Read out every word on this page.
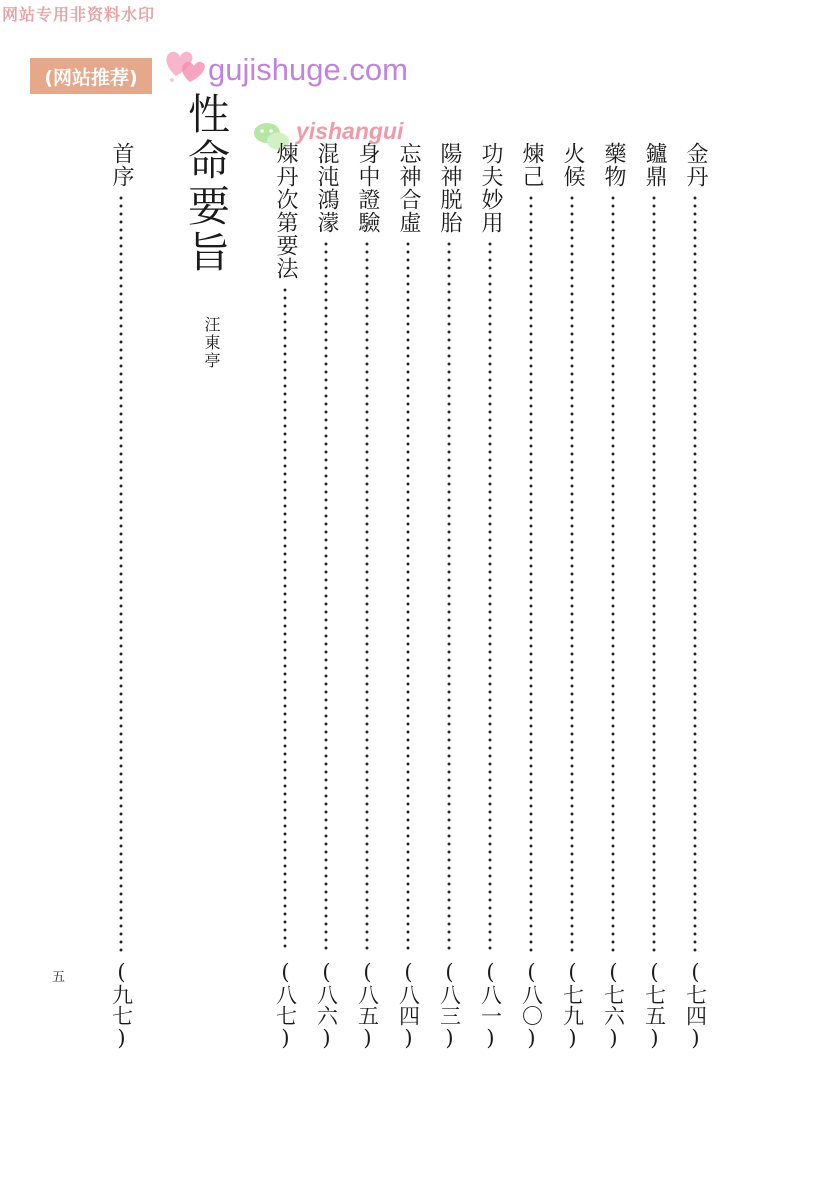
网站专用非资料水印
(网站推荐)	gujishuge.com
yishangui
金丹
(七四)
鑪鼎
(七五)
藥物
(七六)
火候
(七九)
煉己
(八〇)
功夫妙用
(八一)
陽神脱胎
(八三)
忘神合虛
(八四)
身中證驗
(八五)
混沌鴻濛
(八六)
煉丹次第要法
(八七)
性命要旨
汪東亭
首序
(九七)
五
